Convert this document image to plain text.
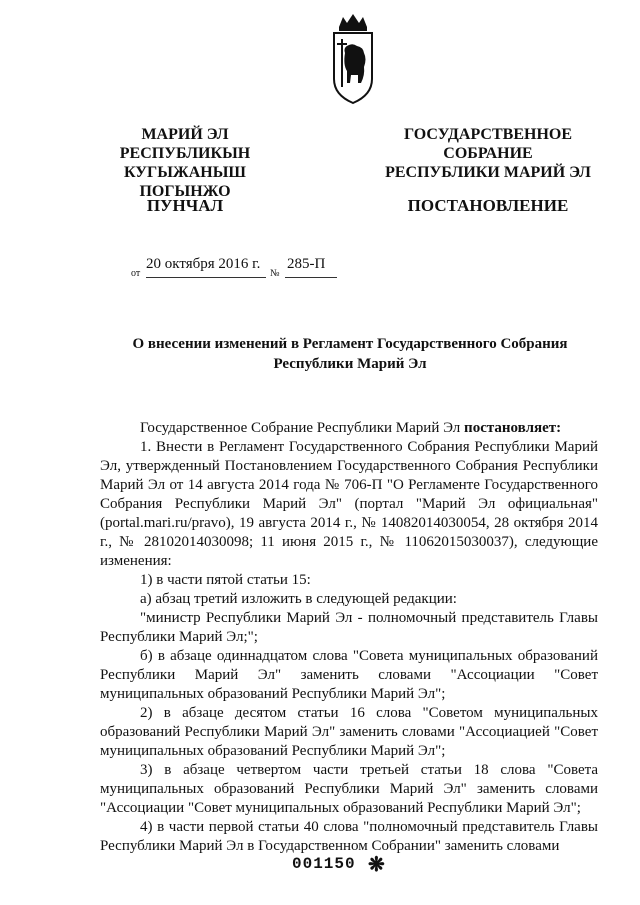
МАРИЙ ЭЛ
РЕСПУБЛИКЫН
КУГЫЖАНЫШ ПОГЫНЖО
ГОСУДАРСТВЕННОЕ
СОБРАНИЕ
РЕСПУБЛИКИ МАРИЙ ЭЛ
ПУНЧАЛ	ПОСТАНОВЛЕНИЕ
от
20 октября 2016 г.
№
285-П
О внесении изменений в Регламент Государственного Собрания
Республики Марий Эл

Государственное Собрание Республики Марий Эл постановляет:

1. Внести в Регламент Государственного Собрания Республики Марий Эл, утвержденный Постановлением Государственного Собрания Республики Марий Эл от 14 августа 2014 года № 706-П "О Регламенте Государственного Собрания Республики Марий Эл" (портал "Марий Эл официальная" (portal.mari.ru/pravo), 19 августа 2014 г., № 14082014030054, 28 октября 2014 г., № 28102014030098; 11 июня 2015 г., № 11062015030037), следующие изменения:

1) в части пятой статьи 15:

а) абзац третий изложить в следующей редакции:

"министр Республики Марий Эл - полномочный представитель Главы Республики Марий Эл;";

б) в абзаце одиннадцатом слова "Совета муниципальных образований Республики Марий Эл" заменить словами "Ассоциации "Совет муниципальных образований Республики Марий Эл";

2) в абзаце десятом статьи 16 слова "Советом муниципальных образований Республики Марий Эл" заменить словами "Ассоциацией "Совет муниципальных образований Республики Марий Эл";

3) в абзаце четвертом части третьей статьи 18 слова "Совета муниципальных образований Республики Марий Эл" заменить словами "Ассоциации "Совет муниципальных образований Республики Марий Эл";

4) в части первой статьи 40 слова "полномочный представитель Главы Республики Марий Эл в Государственном Собрании" заменить словами

001150 ❋
